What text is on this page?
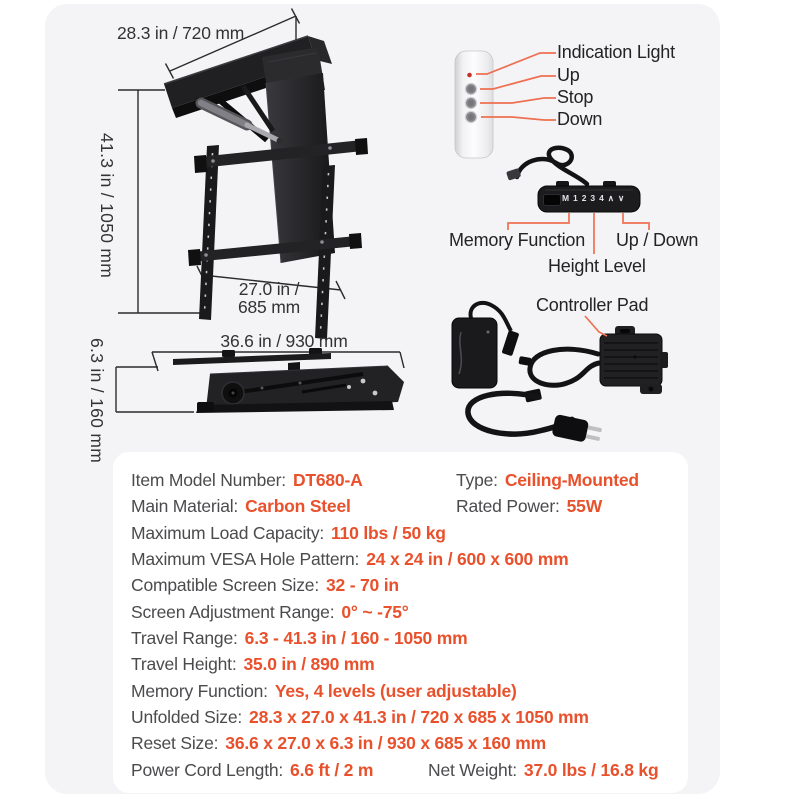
28.3 in / 720 mm
41.3 in / 1050 mm
27.0 in /
685 mm
36.6 in / 930 mm
6.3 in / 160 mm
Indication Light
Up
Stop
Down
M 1 2 3 4 ∧ ∨
Memory Function Up / Down
Height Level
Controller Pad
Item Model Number: DT680-A	Type: Ceiling-Mounted
Main Material: Carbon Steel	Rated Power: 55W
Maximum Load Capacity: 110 lbs / 50 kg
Maximum VESA Hole Pattern: 24 x 24 in / 600 x 600 mm
Compatible Screen Size: 32 - 70 in
Screen Adjustment Range: 0° ~ -75°
Travel Range: 6.3 - 41.3 in / 160 - 1050 mm
Travel Height: 35.0 in / 890 mm
Memory Function: Yes, 4 levels (user adjustable)
Unfolded Size: 28.3 x 27.0 x 41.3 in / 720 x 685 x 1050 mm
Reset Size: 36.6 x 27.0 x 6.3 in / 930 x 685 x 160 mm
Power Cord Length: 6.6 ft / 2 m	Net Weight: 37.0 lbs / 16.8 kg
